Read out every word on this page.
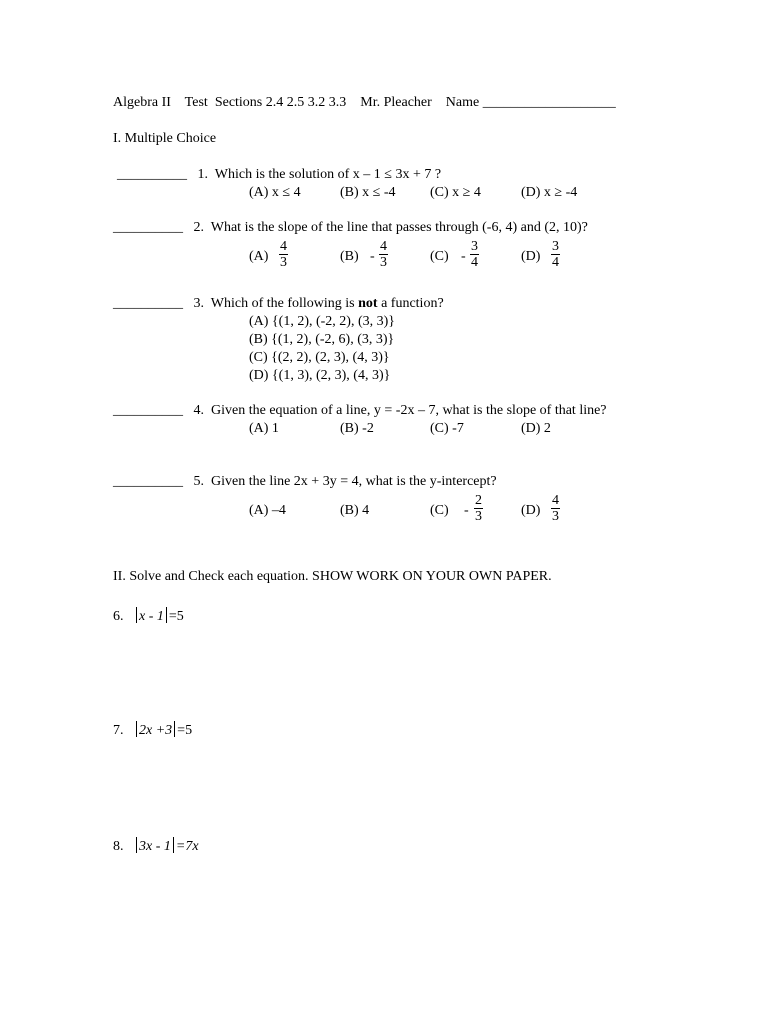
Algebra II Test Sections 2.4 2.5 3.2 3.3 Mr. Pleacher Name ___________________
I. Multiple Choice
__________ 1. Which is the solution of x – 1 ≤ 3x + 7 ?
(A) x ≤ 4	(B) x ≤ -4 (C) x ≥ 4	(D) x ≥ -4
__________ 2. What is the slope of the line that passes through (-6, 4) and (2, 10)?
$(A) \frac{4}{3}$	$(B) - \frac{4}{3}$	$(C) - \frac{3}{4}$	$(D) \frac{3}{4}$
__________ 3. Which of the following is not a function?
(A) {(1, 2), (-2, 2), (3, 3)}
(B) {(1, 2), (-2, 6), (3, 3)}
(C) {(2, 2), (2, 3), (4, 3)}
(D) {(1, 3), (2, 3), (4, 3)}
__________ 4. Given the equation of a line, y = -2x – 7, what is the slope of that line?
(A) 1	(B) -2	(C) -7	(D) 2
__________ 5. Given the line 2x + 3y = 4, what is the y-intercept?
(A) –4	(B) 4	$(C) - \frac{2}{3}$	$(D) \frac{4}{3}$
II. Solve and Check each equation. SHOW WORK ON YOUR OWN PAPER.
6. x - 1 =5
7. 2x +3 =5
8. 3x - 1 =7x
